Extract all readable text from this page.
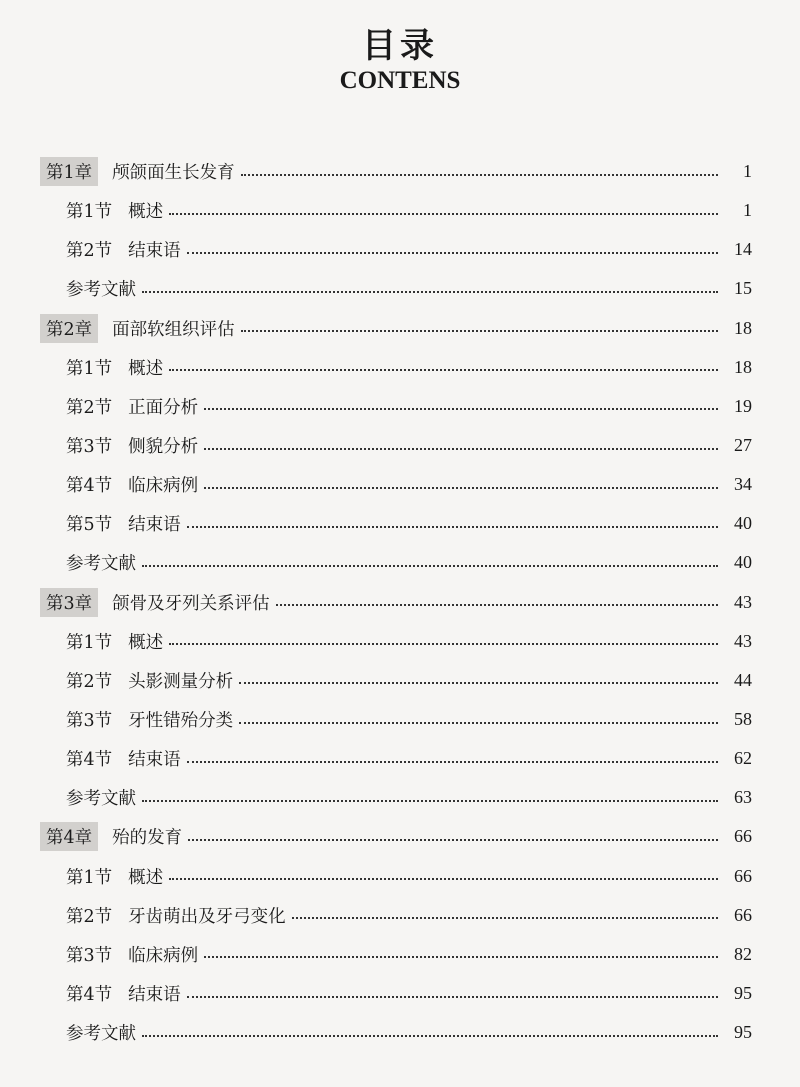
目录
CONTENS
第1章	颅颌面生长发育	1
第1节 概述	1
第2节 结束语	14
参考文献	15
第2章	面部软组织评估	18
第1节 概述	18
第2节 正面分析	19
第3节 侧貌分析	27
第4节 临床病例	34
第5节 结束语	40
参考文献	40
第3章	颌骨及牙列关系评估	43
第1节 概述	43
第2节 头影测量分析	44
第3节 牙性错殆分类	58
第4节 结束语	62
参考文献	63
第4章	殆的发育	66
第1节 概述	66
第2节 牙齿萌出及牙弓变化	66
第3节 临床病例	82
第4节 结束语	95
参考文献	95
